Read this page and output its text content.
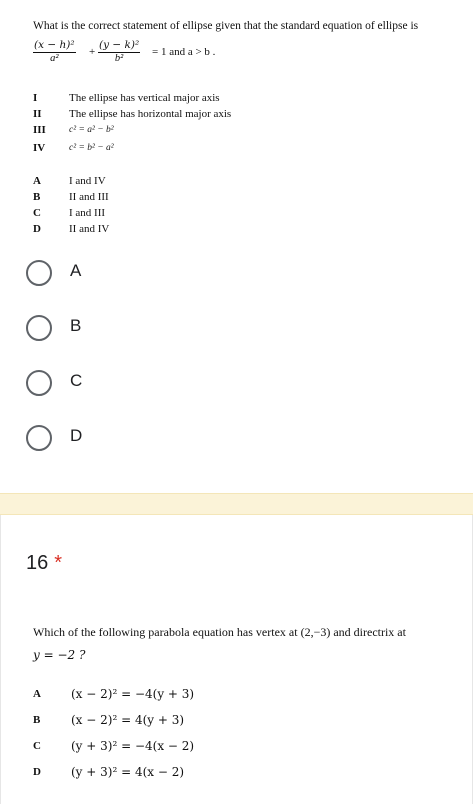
What is the correct statement of ellipse given that the standard equation of ellipse is
$\frac{\text{(x − h)²}}{\text{a²}} + \frac{\text{(y − k)²}}{\text{b²}} = 1$ and a > b .
I	The ellipse has vertical major axis
II	The ellipse has horizontal major axis
III	c² = a² − b²
IV	c² = b² − a²
A	I and IV
B	II and III
C	I and III
D	II and IV
A
B
C
D
16 *
Which of the following parabola equation has vertex at (2,−3) and directrix at
y = −2 ?
A	(x − 2)² = −4(y + 3)
B	(x − 2)² = 4(y + 3)
C	(y + 3)² = −4(x − 2)
D	(y + 3)² = 4(x − 2)
